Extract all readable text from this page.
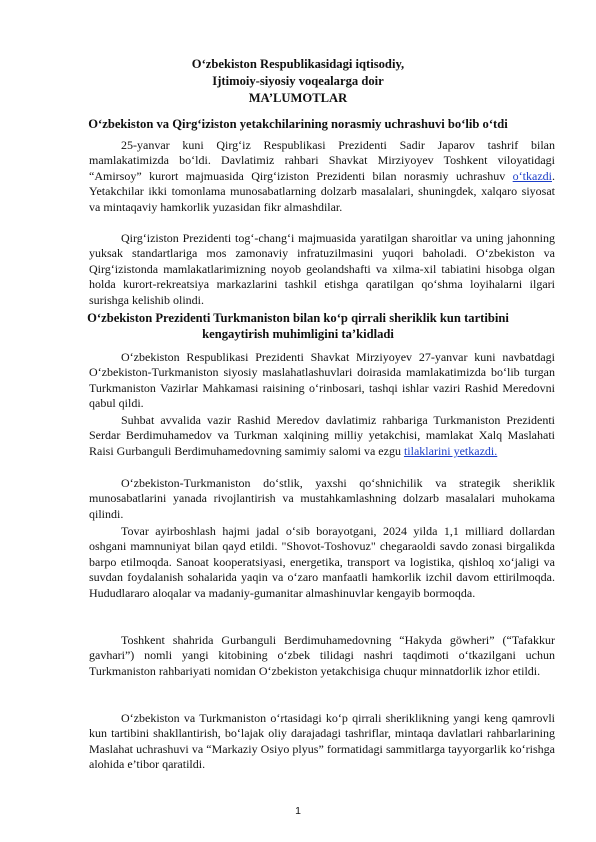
O‘zbekiston Respublikasidagi iqtisodiy,
Ijtimoiy-siyosiy voqealarga doir
MA’LUMOTLAR
O‘zbekiston va Qirg‘iziston yetakchilarining norasmiy uchrashuvi bo‘lib o‘tdi

25-yanvar kuni Qirg‘iz Respublikasi Prezidenti Sadir Japarov tashrif bilan mamlakatimizda bo‘ldi. Davlatimiz rahbari Shavkat Mirziyoyev Toshkent viloyatidagi “Amirsoy” kurort majmuasida Qirg‘iziston Prezidenti bilan norasmiy uchrashuv o‘tkazdi. Yetakchilar ikki tomonlama munosabatlarning dolzarb masalalari, shuningdek, xalqaro siyosat va mintaqaviy hamkorlik yuzasidan fikr almashdilar.

Qirg‘iziston Prezidenti tog‘-chang‘i majmuasida yaratilgan sharoitlar va uning jahonning yuksak standartlariga mos zamonaviy infratuzilmasini yuqori baholadi. O‘zbekiston va Qirg‘izistonda mamlakatlarimizning noyob geolandshafti va xilma-xil tabiatini hisobga olgan holda kurort-rekreatsiya markazlarini tashkil etishga qaratilgan qo‘shma loyihalarni ilgari surishga kelishib olindi.

O‘zbekiston Prezidenti Turkmaniston bilan ko‘p qirrali sheriklik kun tartibini kengaytirish muhimligini ta’kidladi

O‘zbekiston Respublikasi Prezidenti Shavkat Mirziyoyev 27-yanvar kuni navbatdagi O‘zbekiston-Turkmaniston siyosiy maslahatlashuvlari doirasida mamlakatimizda bo‘lib turgan Turkmaniston Vazirlar Mahkamasi raisining o‘rinbosari, tashqi ishlar vaziri Rashid Meredovni qabul qildi.

Suhbat avvalida vazir Rashid Meredov davlatimiz rahbariga Turkmaniston Prezidenti Serdar Berdimuhamedov va Turkman xalqining milliy yetakchisi, mamlakat Xalq Maslahati Raisi Gurbanguli Berdimuhamedovning samimiy salomi va ezgu tilaklarini yetkazdi.

O‘zbekiston-Turkmaniston do‘stlik, yaxshi qo‘shnichilik va strategik sheriklik munosabatlarini yanada rivojlantirish va mustahkamlashning dolzarb masalalari muhokama qilindi.

Tovar ayirboshlash hajmi jadal o‘sib borayotgani, 2024 yilda 1,1 milliard dollardan oshgani mamnuniyat bilan qayd etildi. "Shovot-Toshovuz" chegaraoldi savdo zonasi birgalikda barpo etilmoqda. Sanoat kooperatsiyasi, energetika, transport va logistika, qishloq xo‘jaligi va suvdan foydalanish sohalarida yaqin va o‘zaro manfaatli hamkorlik izchil davom ettirilmoqda. Hududlararo aloqalar va madaniy-gumanitar almashinuvlar kengayib bormoqda.

Toshkent shahrida Gurbanguli Berdimuhamedovning “Hakyda göwheri” (“Tafakkur gavhari”) nomli yangi kitobining o‘zbek tilidagi nashri taqdimoti o‘tkazilgani uchun Turkmaniston rahbariyati nomidan O‘zbekiston yetakchisiga chuqur minnatdorlik izhor etildi.

O‘zbekiston va Turkmaniston o‘rtasidagi ko‘p qirrali sheriklikning yangi keng qamrovli kun tartibini shakllantirish, bo‘lajak oliy darajadagi tashriflar, mintaqa davlatlari rahbarlarining Maslahat uchrashuvi va “Markaziy Osiyo plyus” formatidagi sammitlarga tayyorgarlik ko‘rishga alohida e’tibor qaratildi.

1
